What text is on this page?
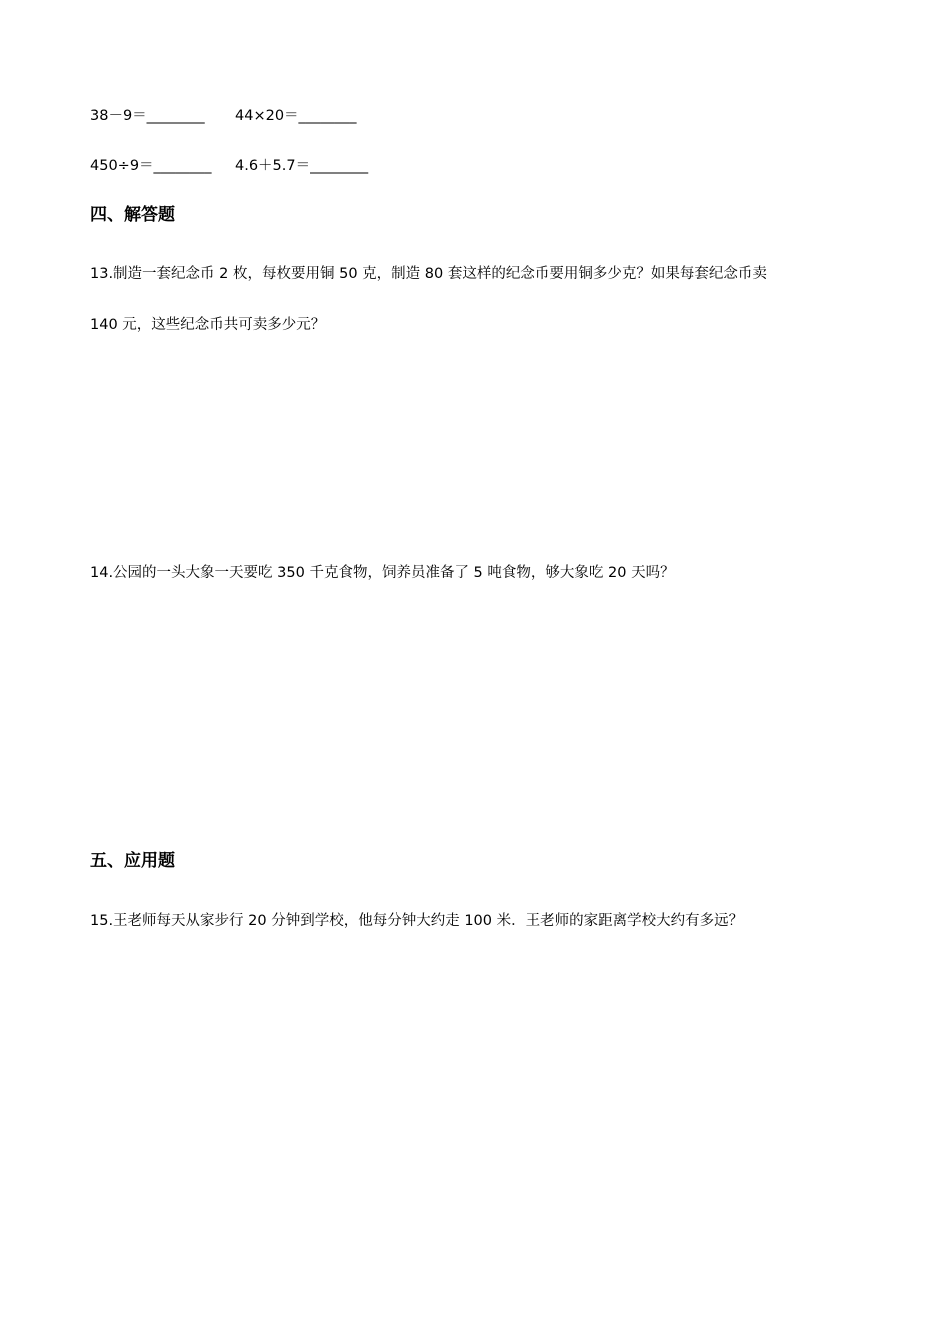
38－9＝________ 44×20＝________
450÷9＝________ 4.6＋5.7＝________
四、解答题
13.制造一套纪念币 2 枚，每枚要用铜 50 克，制造 80 套这样的纪念币要用铜多少克？如果每套纪念币卖
140 元，这些纪念币共可卖多少元？
14.公园的一头大象一天要吃 350 千克食物，饲养员准备了 5 吨食物，够大象吃 20 天吗？
五、应用题
15.王老师每天从家步行 20 分钟到学校，他每分钟大约走 100 米．王老师的家距离学校大约有多远？
